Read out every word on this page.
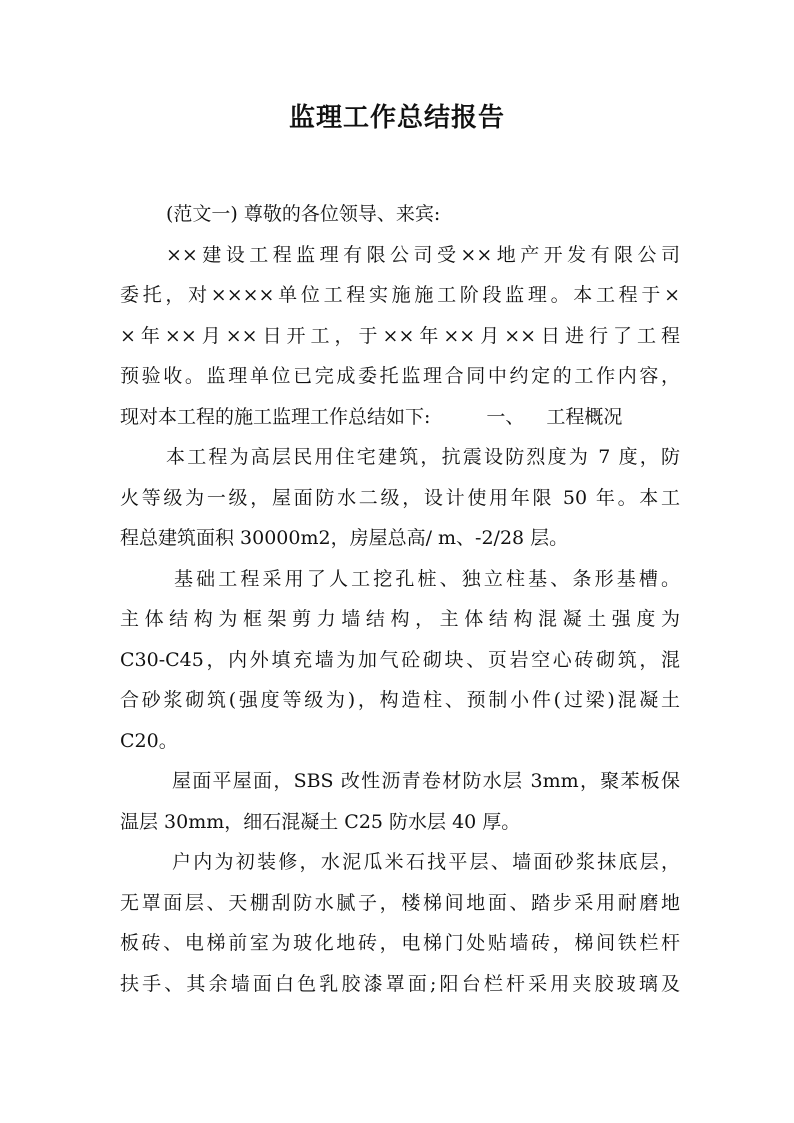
监理工作总结报告
(范文一) 尊敬的各位领导、来宾:
××建设工程监理有限公司受××地产开发有限公司
委托，对××××单位工程实施施工阶段监理。本工程于×
×年××月××日开工，于××年××月××日进行了工程
预验收。监理单位已完成委托监理合同中约定的工作内容，
现对本工程的施工监理工作总结如下:	一、 工程概况
本工程为高层民用住宅建筑，抗震设防烈度为 7 度，防
火等级为一级，屋面防水二级，设计使用年限 50 年。本工
程总建筑面积 30000m2，房屋总高/ m、-2/28 层。
基础工程采用了人工挖孔桩、独立柱基、条形基槽。
主体结构为框架剪力墙结构，主体结构混凝土强度为
C30-C45，内外填充墙为加气砼砌块、页岩空心砖砌筑，混
合砂浆砌筑(强度等级为)，构造柱、预制小件(过梁)混凝土
C20。
屋面平屋面，SBS 改性沥青卷材防水层 3mm，聚苯板保
温层 30mm，细石混凝土 C25 防水层 40 厚。
户内为初装修，水泥瓜米石找平层、墙面砂浆抹底层，
无罩面层、天棚刮防水腻子，楼梯间地面、踏步采用耐磨地
板砖、电梯前室为玻化地砖，电梯门处贴墙砖，梯间铁栏杆
扶手、其余墙面白色乳胶漆罩面;阳台栏杆采用夹胶玻璃及
